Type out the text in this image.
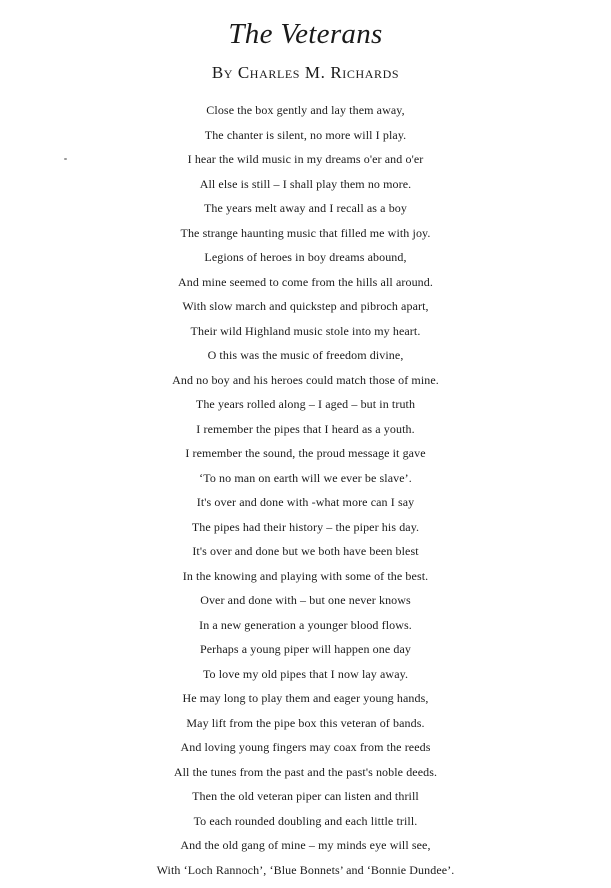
The Veterans
By Charles M. Richards
Close the box gently and lay them away,
The chanter is silent, no more will I play.
I hear the wild music in my dreams o'er and o'er
All else is still – I shall play them no more.
The years melt away and I recall as a boy
The strange haunting music that filled me with joy.
Legions of heroes in boy dreams abound,
And mine seemed to come from the hills all around.
With slow march and quickstep and pibroch apart,
Their wild Highland music stole into my heart.
O this was the music of freedom divine,
And no boy and his heroes could match those of mine.
The years rolled along – I aged – but in truth
I remember the pipes that I heard as a youth.
I remember the sound, the proud message it gave
‘To no man on earth will we ever be slave’.
It's over and done with -what more can I say
The pipes had their history – the piper his day.
It's over and done but we both have been blest
In the knowing and playing with some of the best.
Over and done with – but one never knows
In a new generation a younger blood flows.
Perhaps a young piper will happen one day
To love my old pipes that I now lay away.
He may long to play them and eager young hands,
May lift from the pipe box this veteran of bands.
And loving young fingers may coax from the reeds
All the tunes from the past and the past's noble deeds.
Then the old veteran piper can listen and thrill
To each rounded doubling and each little trill.
And the old gang of mine – my minds eye will see,
With ‘Loch Rannoch’, ‘Blue Bonnets’ and ‘Bonnie Dundee’.
